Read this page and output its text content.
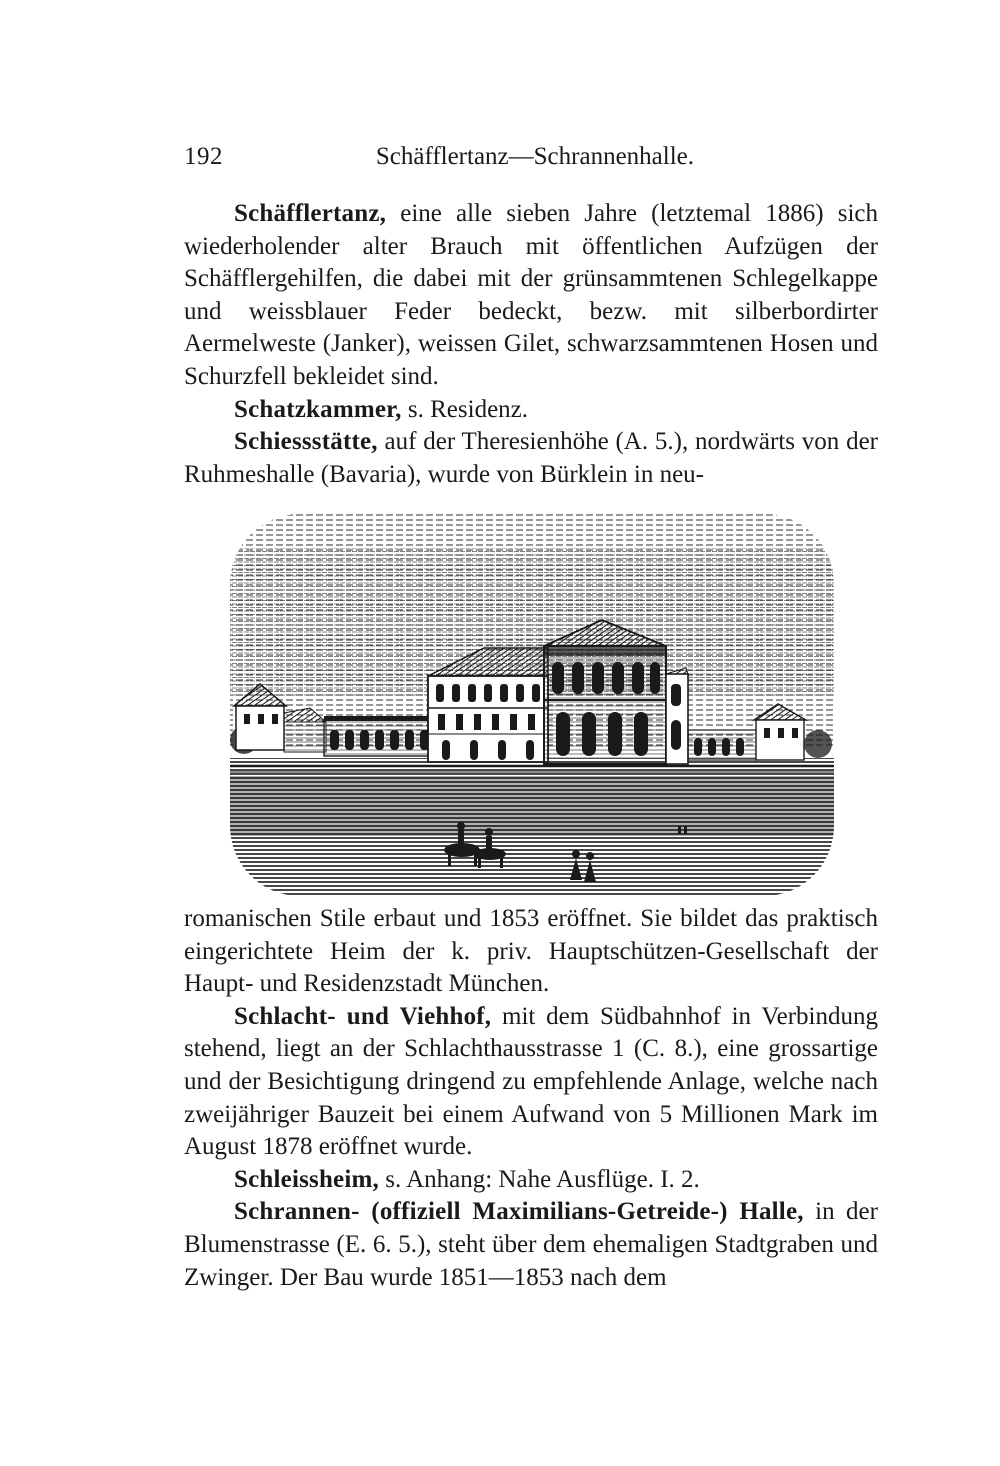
192	Schäfflertanz—Schrannenhalle.

Schäfflertanz, eine alle sieben Jahre (letztemal 1886) sich wiederholender alter Brauch mit öffentlichen Aufzügen der Schäfflergehilfen, die dabei mit der grünsammtenen Schlegelkappe und weissblauer Feder bedeckt, bezw. mit silberbordirter Aermelweste (Janker), weissen Gilet, schwarzsammtenen Hosen und Schurzfell bekleidet sind.

Schatzkammer, s. Residenz.

Schiessstätte, auf der Theresienhöhe (A. 5.), nordwärts von der Ruhmeshalle (Bavaria), wurde von Bürklein in neu-

romanischen Stile erbaut und 1853 eröffnet. Sie bildet das praktisch eingerichtete Heim der k. priv. Hauptschützen-Gesellschaft der Haupt- und Residenzstadt München.

Schlacht- und Viehhof, mit dem Südbahnhof in Verbindung stehend, liegt an der Schlachthausstrasse 1 (C. 8.), eine grossartige und der Besichtigung dringend zu empfehlende Anlage, welche nach zweijähriger Bauzeit bei einem Aufwand von 5 Millionen Mark im August 1878 eröffnet wurde.

Schleissheim, s. Anhang: Nahe Ausflüge. I. 2.

Schrannen- (offiziell Maximilians-Getreide-) Halle, in der Blumenstrasse (E. 6. 5.), steht über dem ehemaligen Stadtgraben und Zwinger. Der Bau wurde 1851—1853 nach dem
